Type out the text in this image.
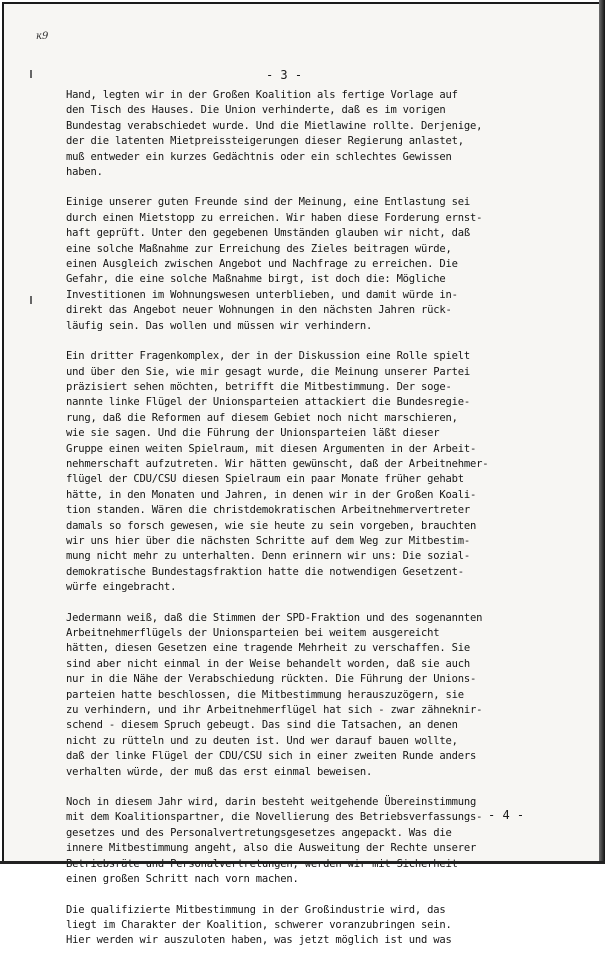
ĸ9
- 3 -
Hand, legten wir in der Großen Koalition als fertige Vorlage auf
den Tisch des Hauses. Die Union verhinderte, daß es im vorigen
Bundestag verabschiedet wurde. Und die Mietlawine rollte. Derjenige,
der die latenten Mietpreissteigerungen dieser Regierung anlastet,
muß entweder ein kurzes Gedächtnis oder ein schlechtes Gewissen
haben.
Einige unserer guten Freunde sind der Meinung, eine Entlastung sei
durch einen Mietstopp zu erreichen. Wir haben diese Forderung ernst-
haft geprüft. Unter den gegebenen Umständen glauben wir nicht, daß
eine solche Maßnahme zur Erreichung des Zieles beitragen würde,
einen Ausgleich zwischen Angebot und Nachfrage zu erreichen. Die
Gefahr, die eine solche Maßnahme birgt, ist doch die: Mögliche
Investitionen im Wohnungswesen unterblieben, und damit würde in-
direkt das Angebot neuer Wohnungen in den nächsten Jahren rück-
läufig sein. Das wollen und müssen wir verhindern.
Ein dritter Fragenkomplex, der in der Diskussion eine Rolle spielt
und über den Sie, wie mir gesagt wurde, die Meinung unserer Partei
präzisiert sehen möchten, betrifft die Mitbestimmung. Der soge-
nannte linke Flügel der Unionsparteien attackiert die Bundesregie-
rung, daß die Reformen auf diesem Gebiet noch nicht marschieren,
wie sie sagen. Und die Führung der Unionsparteien läßt dieser
Gruppe einen weiten Spielraum, mit diesen Argumenten in der Arbeit-
nehmerschaft aufzutreten. Wir hätten gewünscht, daß der Arbeitnehmer-
flügel der CDU/CSU diesen Spielraum ein paar Monate früher gehabt
hätte, in den Monaten und Jahren, in denen wir in der Großen Koali-
tion standen. Wären die christdemokratischen Arbeitnehmervertreter
damals so forsch gewesen, wie sie heute zu sein vorgeben, brauchten
wir uns hier über die nächsten Schritte auf dem Weg zur Mitbestim-
mung nicht mehr zu unterhalten. Denn erinnern wir uns: Die sozial-
demokratische Bundestagsfraktion hatte die notwendigen Gesetzent-
würfe eingebracht.
Jedermann weiß, daß die Stimmen der SPD-Fraktion und des sogenannten
Arbeitnehmerflügels der Unionsparteien bei weitem ausgereicht
hätten, diesen Gesetzen eine tragende Mehrheit zu verschaffen. Sie
sind aber nicht einmal in der Weise behandelt worden, daß sie auch
nur in die Nähe der Verabschiedung rückten. Die Führung der Unions-
parteien hatte beschlossen, die Mitbestimmung herauszuzögern, sie
zu verhindern, und ihr Arbeitnehmerflügel hat sich - zwar zähneknir-
schend - diesem Spruch gebeugt. Das sind die Tatsachen, an denen
nicht zu rütteln und zu deuten ist. Und wer darauf bauen wollte,
daß der linke Flügel der CDU/CSU sich in einer zweiten Runde anders
verhalten würde, der muß das erst einmal beweisen.
Noch in diesem Jahr wird, darin besteht weitgehende Übereinstimmung
mit dem Koalitionspartner, die Novellierung des Betriebsverfassungs-
gesetzes und des Personalvertretungsgesetzes angepackt. Was die
innere Mitbestimmung angeht, also die Ausweitung der Rechte unserer
einen großen Schritt nach vorn machen.
Die qualifizierte Mitbestimmung in der Großindustrie wird, das
liegt im Charakter der Koalition, schwerer voranzubringen sein.
Hier werden wir auszuloten haben, was jetzt möglich ist und was
- 4 -
